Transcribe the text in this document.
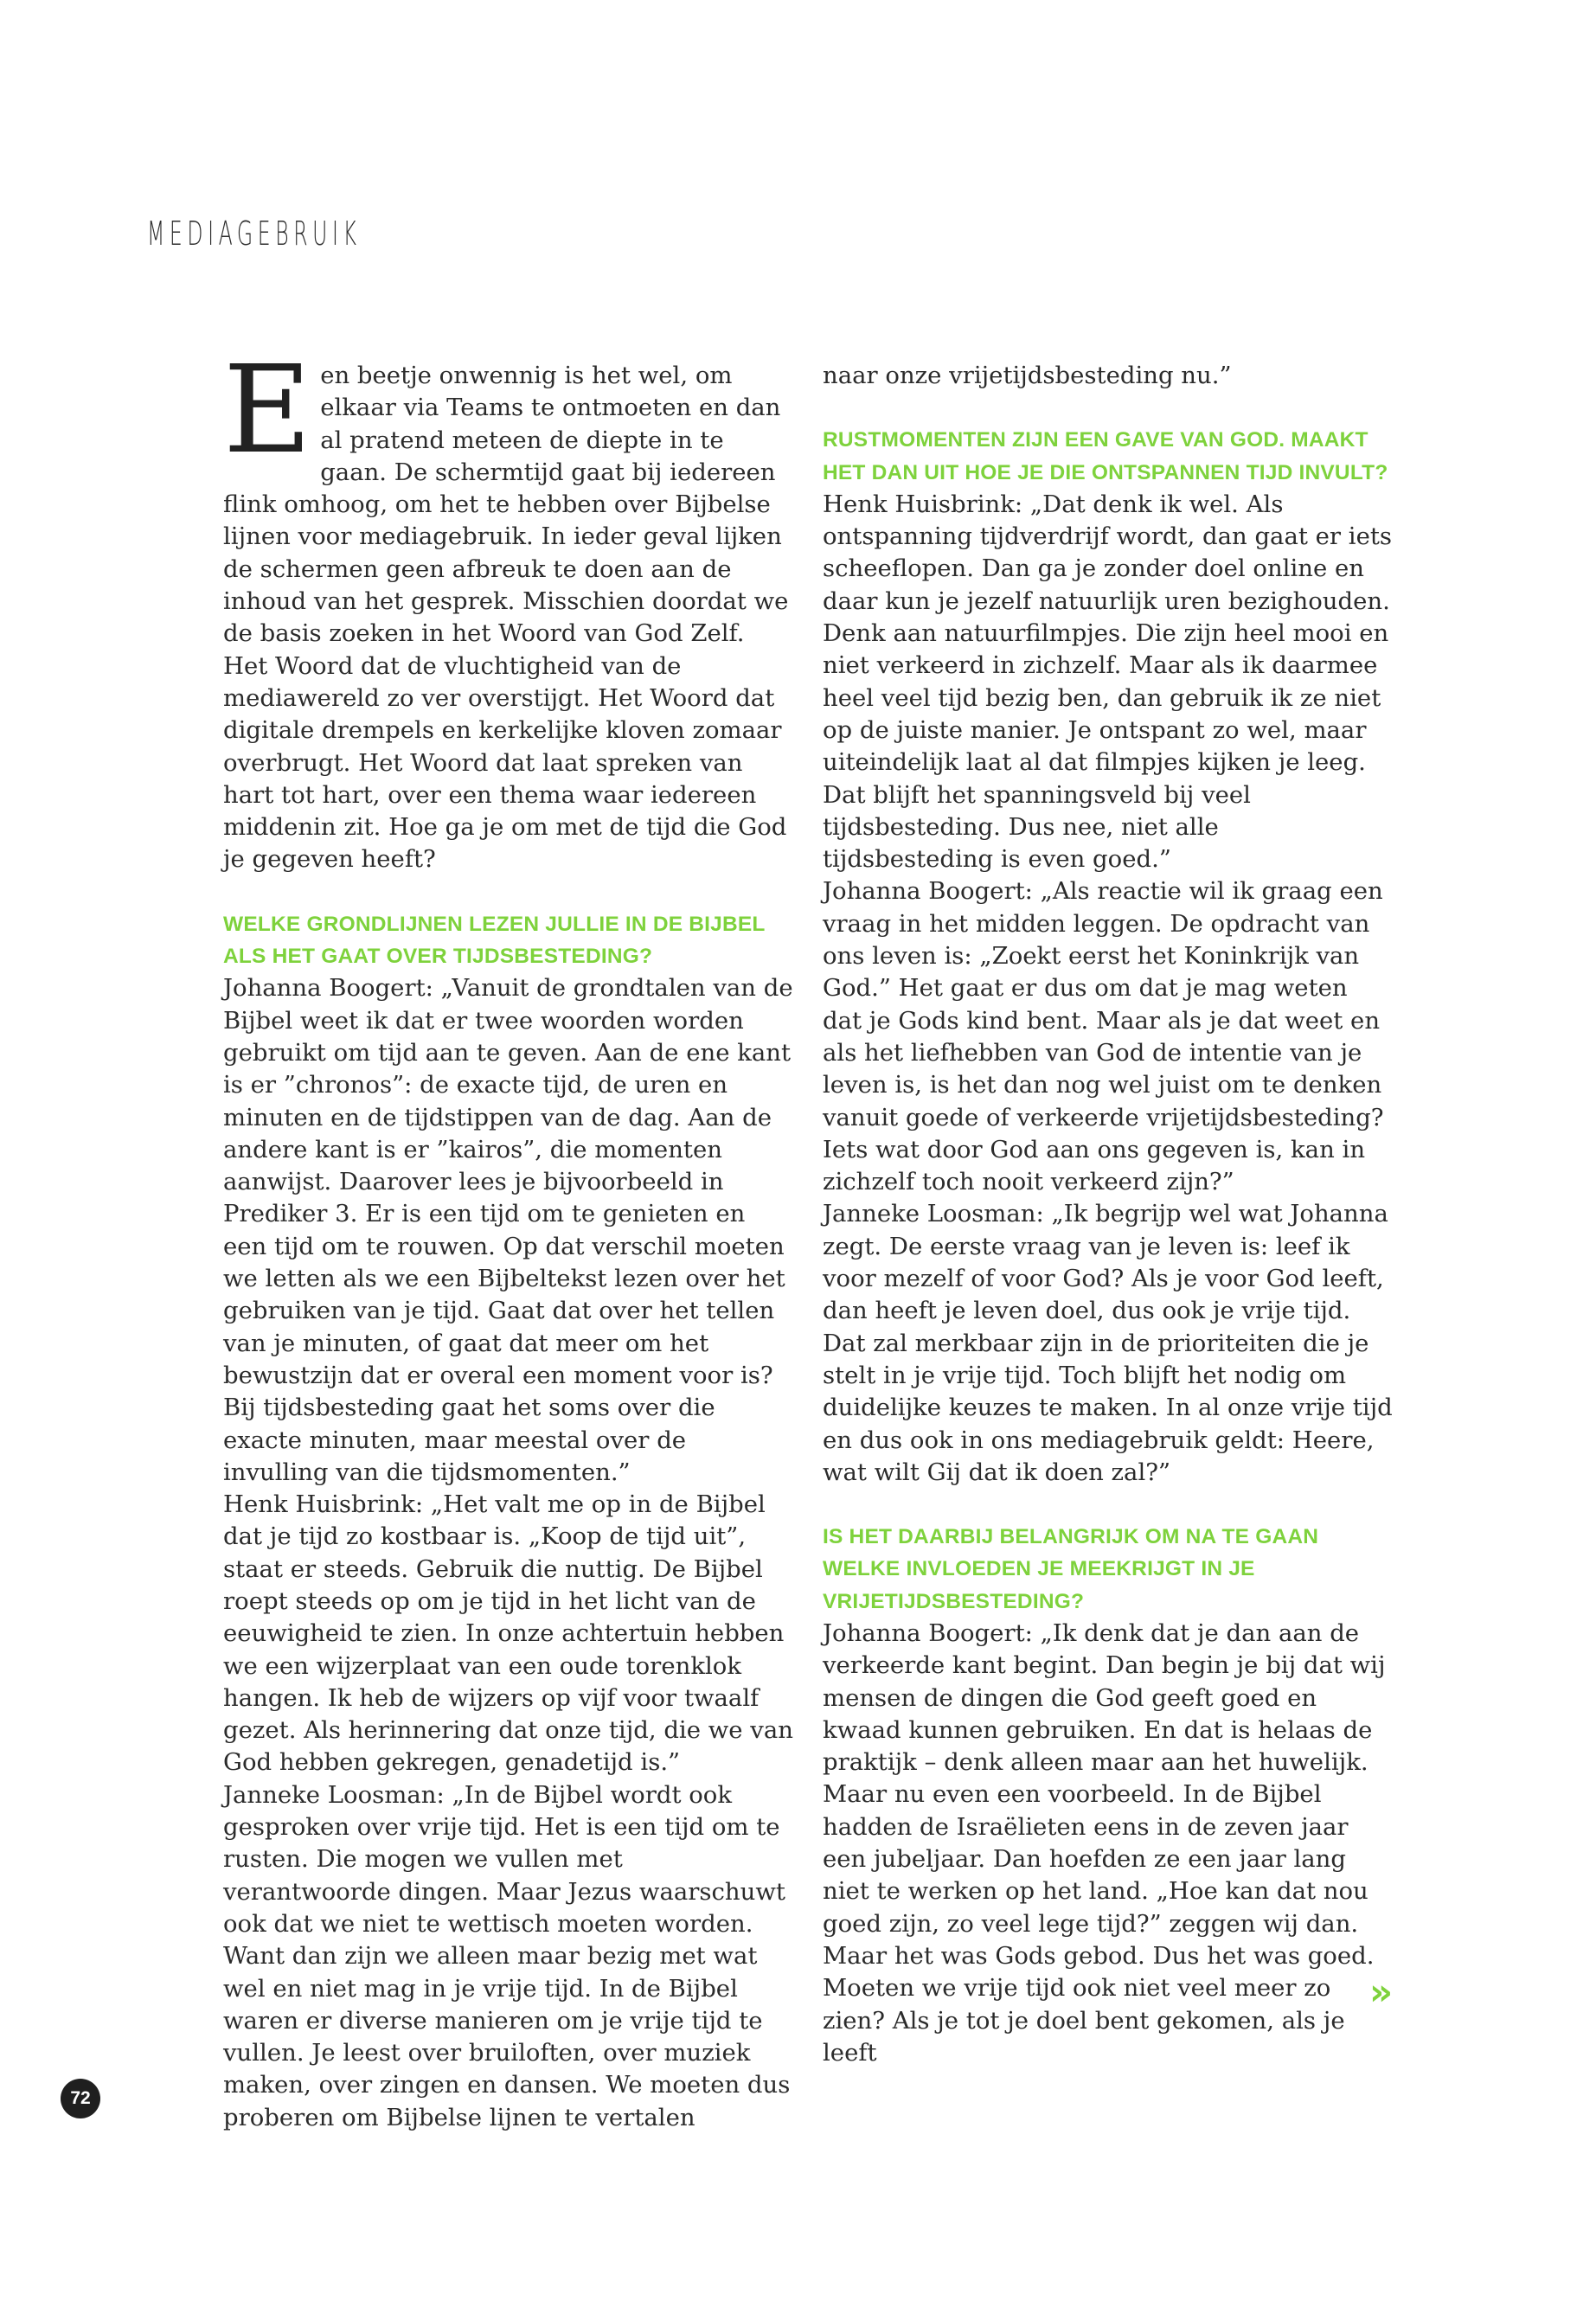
MEDIAGEBRUIK

Een beetje onwennig is het wel, om elkaar via Teams te ontmoeten en dan al pratend meteen de diepte in te gaan. De schermtijd gaat bij iedereen flink omhoog, om het te hebben over Bijbelse lijnen voor mediagebruik. In ieder geval lijken de schermen geen afbreuk te doen aan de inhoud van het gesprek. Misschien doordat we de basis zoeken in het Woord van God Zelf. Het Woord dat de vluchtigheid van de mediawereld zo ver overstijgt. Het Woord dat digitale drempels en kerkelijke kloven zomaar overbrugt. Het Woord dat laat spreken van hart tot hart, over een thema waar iedereen middenin zit. Hoe ga je om met de tijd die God je gegeven heeft?

WELKE GRONDLIJNEN LEZEN JULLIE IN DE BIJBEL ALS HET GAAT OVER TIJDSBESTEDING?

Johanna Boogert: „Vanuit de grondtalen van de Bijbel weet ik dat er twee woorden worden gebruikt om tijd aan te geven. Aan de ene kant is er ”chronos”: de exacte tijd, de uren en minuten en de tijdstippen van de dag. Aan de andere kant is er ”kairos”, die momenten aanwijst. Daarover lees je bijvoorbeeld in Prediker 3. Er is een tijd om te genieten en een tijd om te rouwen. Op dat verschil moeten we letten als we een Bijbeltekst lezen over het gebruiken van je tijd. Gaat dat over het tellen van je minuten, of gaat dat meer om het bewustzijn dat er overal een moment voor is? Bij tijdsbesteding gaat het soms over die exacte minuten, maar meestal over de invulling van die tijdsmomenten.”

Henk Huisbrink: „Het valt me op in de Bijbel dat je tijd zo kostbaar is. „Koop de tijd uit”, staat er steeds. Gebruik die nuttig. De Bijbel roept steeds op om je tijd in het licht van de eeuwigheid te zien. In onze achtertuin hebben we een wijzerplaat van een oude torenklok hangen. Ik heb de wijzers op vijf voor twaalf gezet. Als herinnering dat onze tijd, die we van God hebben gekregen, genadetijd is.”

Janneke Loosman: „In de Bijbel wordt ook gesproken over vrije tijd. Het is een tijd om te rusten. Die mogen we vullen met verantwoorde dingen. Maar Jezus waarschuwt ook dat we niet te wettisch moeten worden. Want dan zijn we alleen maar bezig met wat wel en niet mag in je vrije tijd. In de Bijbel waren er diverse manieren om je vrije tijd te vullen. Je leest over bruiloften, over muziek maken, over zingen en dansen. We moeten dus proberen om Bijbelse lijnen te vertalen

naar onze vrijetijdsbesteding nu.”

RUSTMOMENTEN ZIJN EEN GAVE VAN GOD. MAAKT HET DAN UIT HOE JE DIE ONTSPANNEN TIJD INVULT?

Henk Huisbrink: „Dat denk ik wel. Als ontspanning tijdverdrijf wordt, dan gaat er iets scheeflopen. Dan ga je zonder doel online en daar kun je jezelf natuurlijk uren bezighouden. Denk aan natuurfilmpjes. Die zijn heel mooi en niet verkeerd in zichzelf. Maar als ik daarmee heel veel tijd bezig ben, dan gebruik ik ze niet op de juiste manier. Je ontspant zo wel, maar uiteindelijk laat al dat filmpjes kijken je leeg. Dat blijft het spanningsveld bij veel tijdsbesteding. Dus nee, niet alle tijdsbesteding is even goed.”

Johanna Boogert: „Als reactie wil ik graag een vraag in het midden leggen. De opdracht van ons leven is: „Zoekt eerst het Koninkrijk van God.” Het gaat er dus om dat je mag weten dat je Gods kind bent. Maar als je dat weet en als het liefhebben van God de intentie van je leven is, is het dan nog wel juist om te denken vanuit goede of verkeerde vrijetijdsbesteding? Iets wat door God aan ons gegeven is, kan in zichzelf toch nooit verkeerd zijn?”

Janneke Loosman: „Ik begrijp wel wat Johanna zegt. De eerste vraag van je leven is: leef ik voor mezelf of voor God? Als je voor God leeft, dan heeft je leven doel, dus ook je vrije tijd. Dat zal merkbaar zijn in de prioriteiten die je stelt in je vrije tijd. Toch blijft het nodig om duidelijke keuzes te maken. In al onze vrije tijd en dus ook in ons mediagebruik geldt: Heere, wat wilt Gij dat ik doen zal?”

IS HET DAARBIJ BELANGRIJK OM NA TE GAAN WELKE INVLOEDEN JE MEEKRIJGT IN JE VRIJETIJDSBESTEDING?

Johanna Boogert: „Ik denk dat je dan aan de verkeerde kant begint. Dan begin je bij dat wij mensen de dingen die God geeft goed en kwaad kunnen gebruiken. En dat is helaas de praktijk – denk alleen maar aan het huwelijk. Maar nu even een voorbeeld. In de Bijbel hadden de Israëlieten eens in de zeven jaar een jubeljaar. Dan hoefden ze een jaar lang niet te werken op het land. „Hoe kan dat nou goed zijn, zo veel lege tijd?” zeggen wij dan. Maar het was Gods gebod. Dus het was goed. Moeten we vrije tijd ook niet veel meer zo zien? Als je tot je doel bent gekomen, als je leeft

»
72
